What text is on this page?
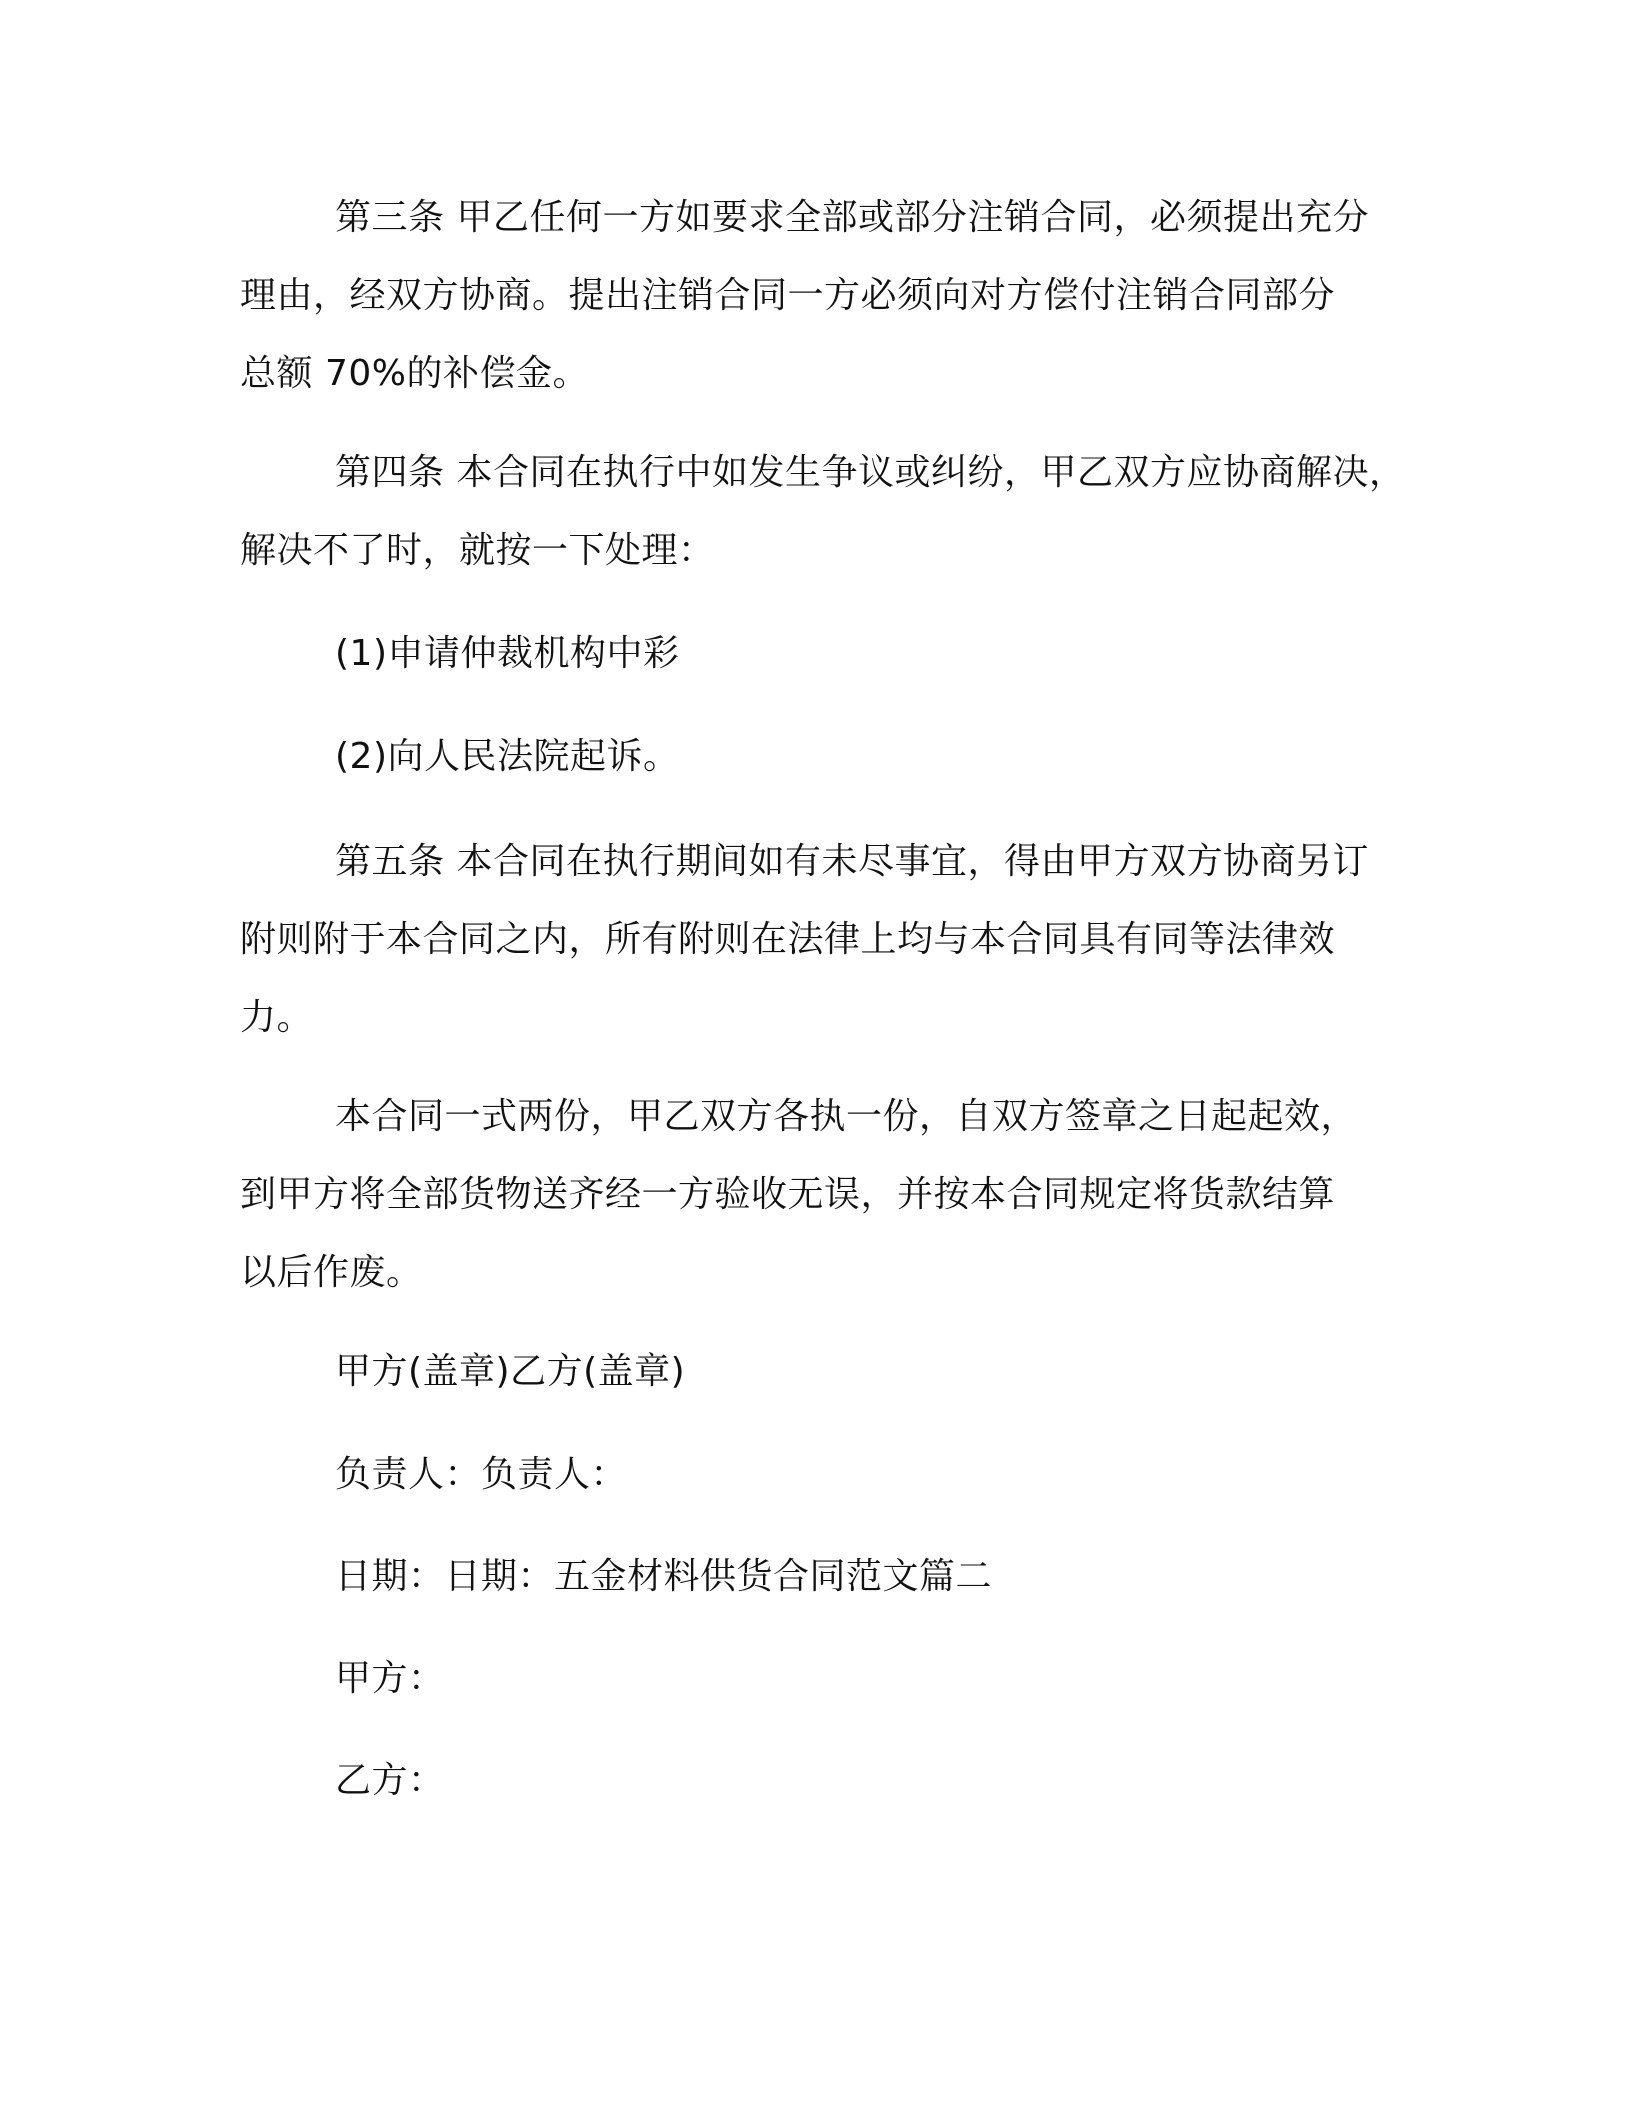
第三条 甲乙任何一方如要求全部或部分注销合同，必须提出充分
理由，经双方协商。提出注销合同一方必须向对方偿付注销合同部分
总额 70%的补偿金。
第四条 本合同在执行中如发生争议或纠纷，甲乙双方应协商解决，
解决不了时，就按一下处理：
(1)申请仲裁机构中彩
(2)向人民法院起诉。
第五条 本合同在执行期间如有未尽事宜，得由甲方双方协商另订
附则附于本合同之内，所有附则在法律上均与本合同具有同等法律效
力。
本合同一式两份，甲乙双方各执一份，自双方签章之日起起效，
到甲方将全部货物送齐经一方验收无误，并按本合同规定将货款结算
以后作废。
甲方(盖章)乙方(盖章)
负责人：负责人：
日期：日期：五金材料供货合同范文篇二
甲方：
乙方：
